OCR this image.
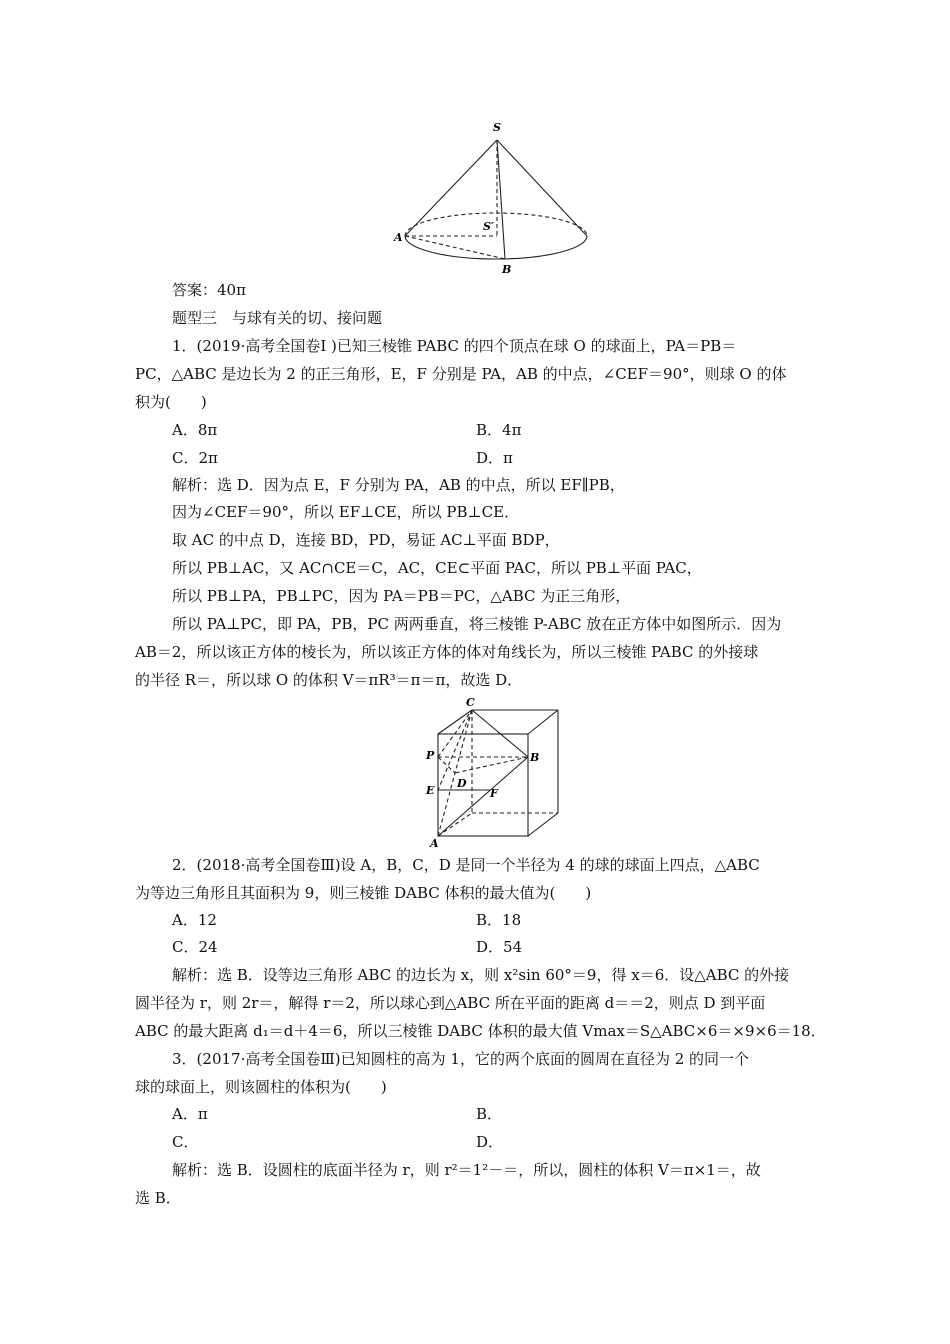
S
S′
A
B
答案：40π
题型三　与球有关的切、接问题
1．(2019·高考全国卷Ⅰ )已知三棱锥 PABC 的四个顶点在球 O 的球面上，PA＝PB＝
PC，△ABC 是边长为 2 的正三角形，E，F 分别是 PA，AB 的中点，∠CEF＝90°，则球 O 的体
积为(　　)
A．8π	B．4π
C．2π	D．π
解析：选 D．因为点 E，F 分别为 PA，AB 的中点，所以 EF∥PB，
因为∠CEF＝90°，所以 EF⊥CE，所以 PB⊥CE．
取 AC 的中点 D，连接 BD，PD，易证 AC⊥平面 BDP，
所以 PB⊥AC，又 AC∩CE＝C，AC，CE⊂平面 PAC，所以 PB⊥平面 PAC，
所以 PB⊥PA，PB⊥PC，因为 PA＝PB＝PC，△ABC 为正三角形，
所以 PA⊥PC，即 PA，PB，PC 两两垂直，将三棱锥 P-ABC 放在正方体中如图所示．因为
AB＝2，所以该正方体的棱长为，所以该正方体的体对角线长为，所以三棱锥 PABC 的外接球
的半径 R＝，所以球 O 的体积 V＝πR³＝π＝π，故选 D．
C
P	B
D
E	F
A
2．(2018·高考全国卷Ⅲ)设 A，B，C，D 是同一个半径为 4 的球的球面上四点，△ABC
为等边三角形且其面积为 9，则三棱锥 DABC 体积的最大值为(　　)
A．12	B．18
C．24	D．54
解析：选 B．设等边三角形 ABC 的边长为 x，则 x²sin 60°＝9，得 x＝6．设△ABC 的外接
圆半径为 r，则 2r＝，解得 r＝2，所以球心到△ABC 所在平面的距离 d＝＝2，则点 D 到平面
ABC 的最大距离 d₁＝d＋4＝6，所以三棱锥 DABC 体积的最大值 Vmax＝S△ABC×6＝×9×6＝18．
3．(2017·高考全国卷Ⅲ)已知圆柱的高为 1，它的两个底面的圆周在直径为 2 的同一个
球的球面上，则该圆柱的体积为(　　)
A．π	B．
C．	D．
解析：选 B．设圆柱的底面半径为 r，则 r²＝1²－＝，所以，圆柱的体积 V＝π×1＝，故
选 B．
